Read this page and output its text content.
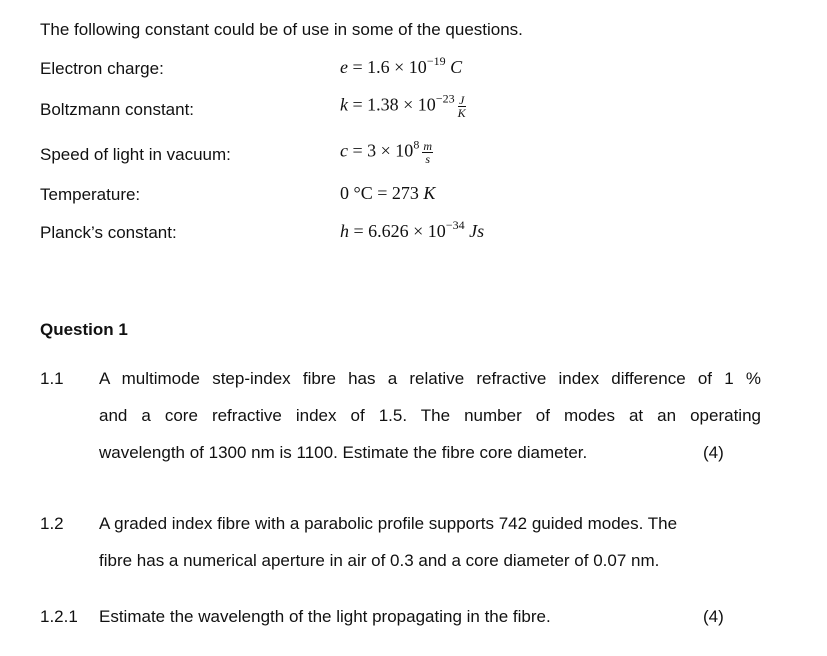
The following constant could be of use in some of the questions.
Electron charge:	$e = 1.6 \times 10^{-19}$ C
Boltzmann constant:	$k = 1.38 \times 10^{-23} \frac{J}{K}$
Speed of light in vacuum:	$c = 3 \times 10^8 \frac{m}{s}$
Temperature:	0 °C = 273 K
Planck’s constant:	$h = 6.626 \times 10^{-34}$ Js
Question 1
1.1 A multimode step-index fibre has a relative refractive index difference of 1 %
and a core refractive index of 1.5. The number of modes at an operating
wavelength of 1300 nm is 1100. Estimate the fibre core diameter.	(4)
1.2 A graded index fibre with a parabolic profile supports 742 guided modes. The
fibre has a numerical aperture in air of 0.3 and a core diameter of 0.07 nm.
1.2.1 Estimate the wavelength of the light propagating in the fibre.	(4)
